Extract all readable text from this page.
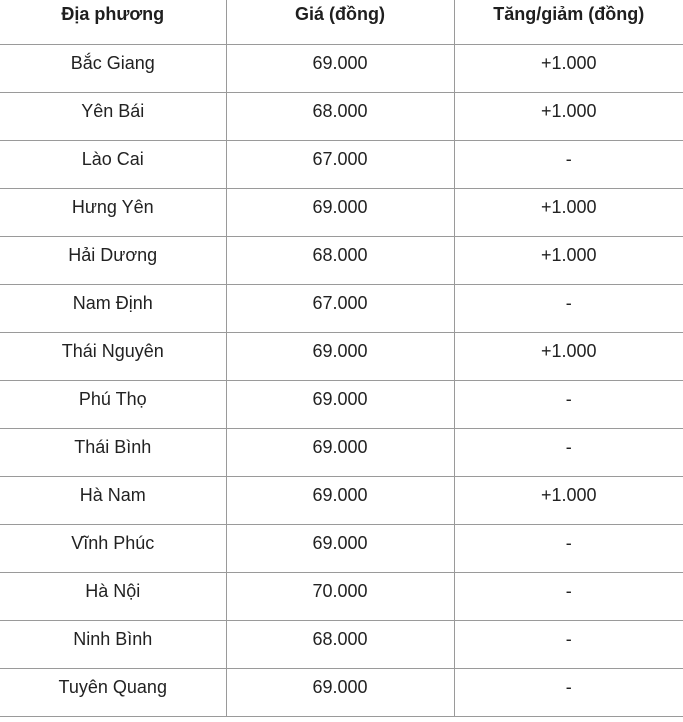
Địa phương	Giá (đồng)	Tăng/giảm (đồng)
Bắc Giang	69.000	+1.000
Yên Bái	68.000	+1.000
Lào Cai	67.000	-
Hưng Yên	69.000	+1.000
Hải Dương	68.000	+1.000
Nam Định	67.000	-
Thái Nguyên	69.000	+1.000
Phú Thọ	69.000	-
Thái Bình	69.000	-
Hà Nam	69.000	+1.000
Vĩnh Phúc	69.000	-
Hà Nội	70.000	-
Ninh Bình	68.000	-
Tuyên Quang	69.000	-
